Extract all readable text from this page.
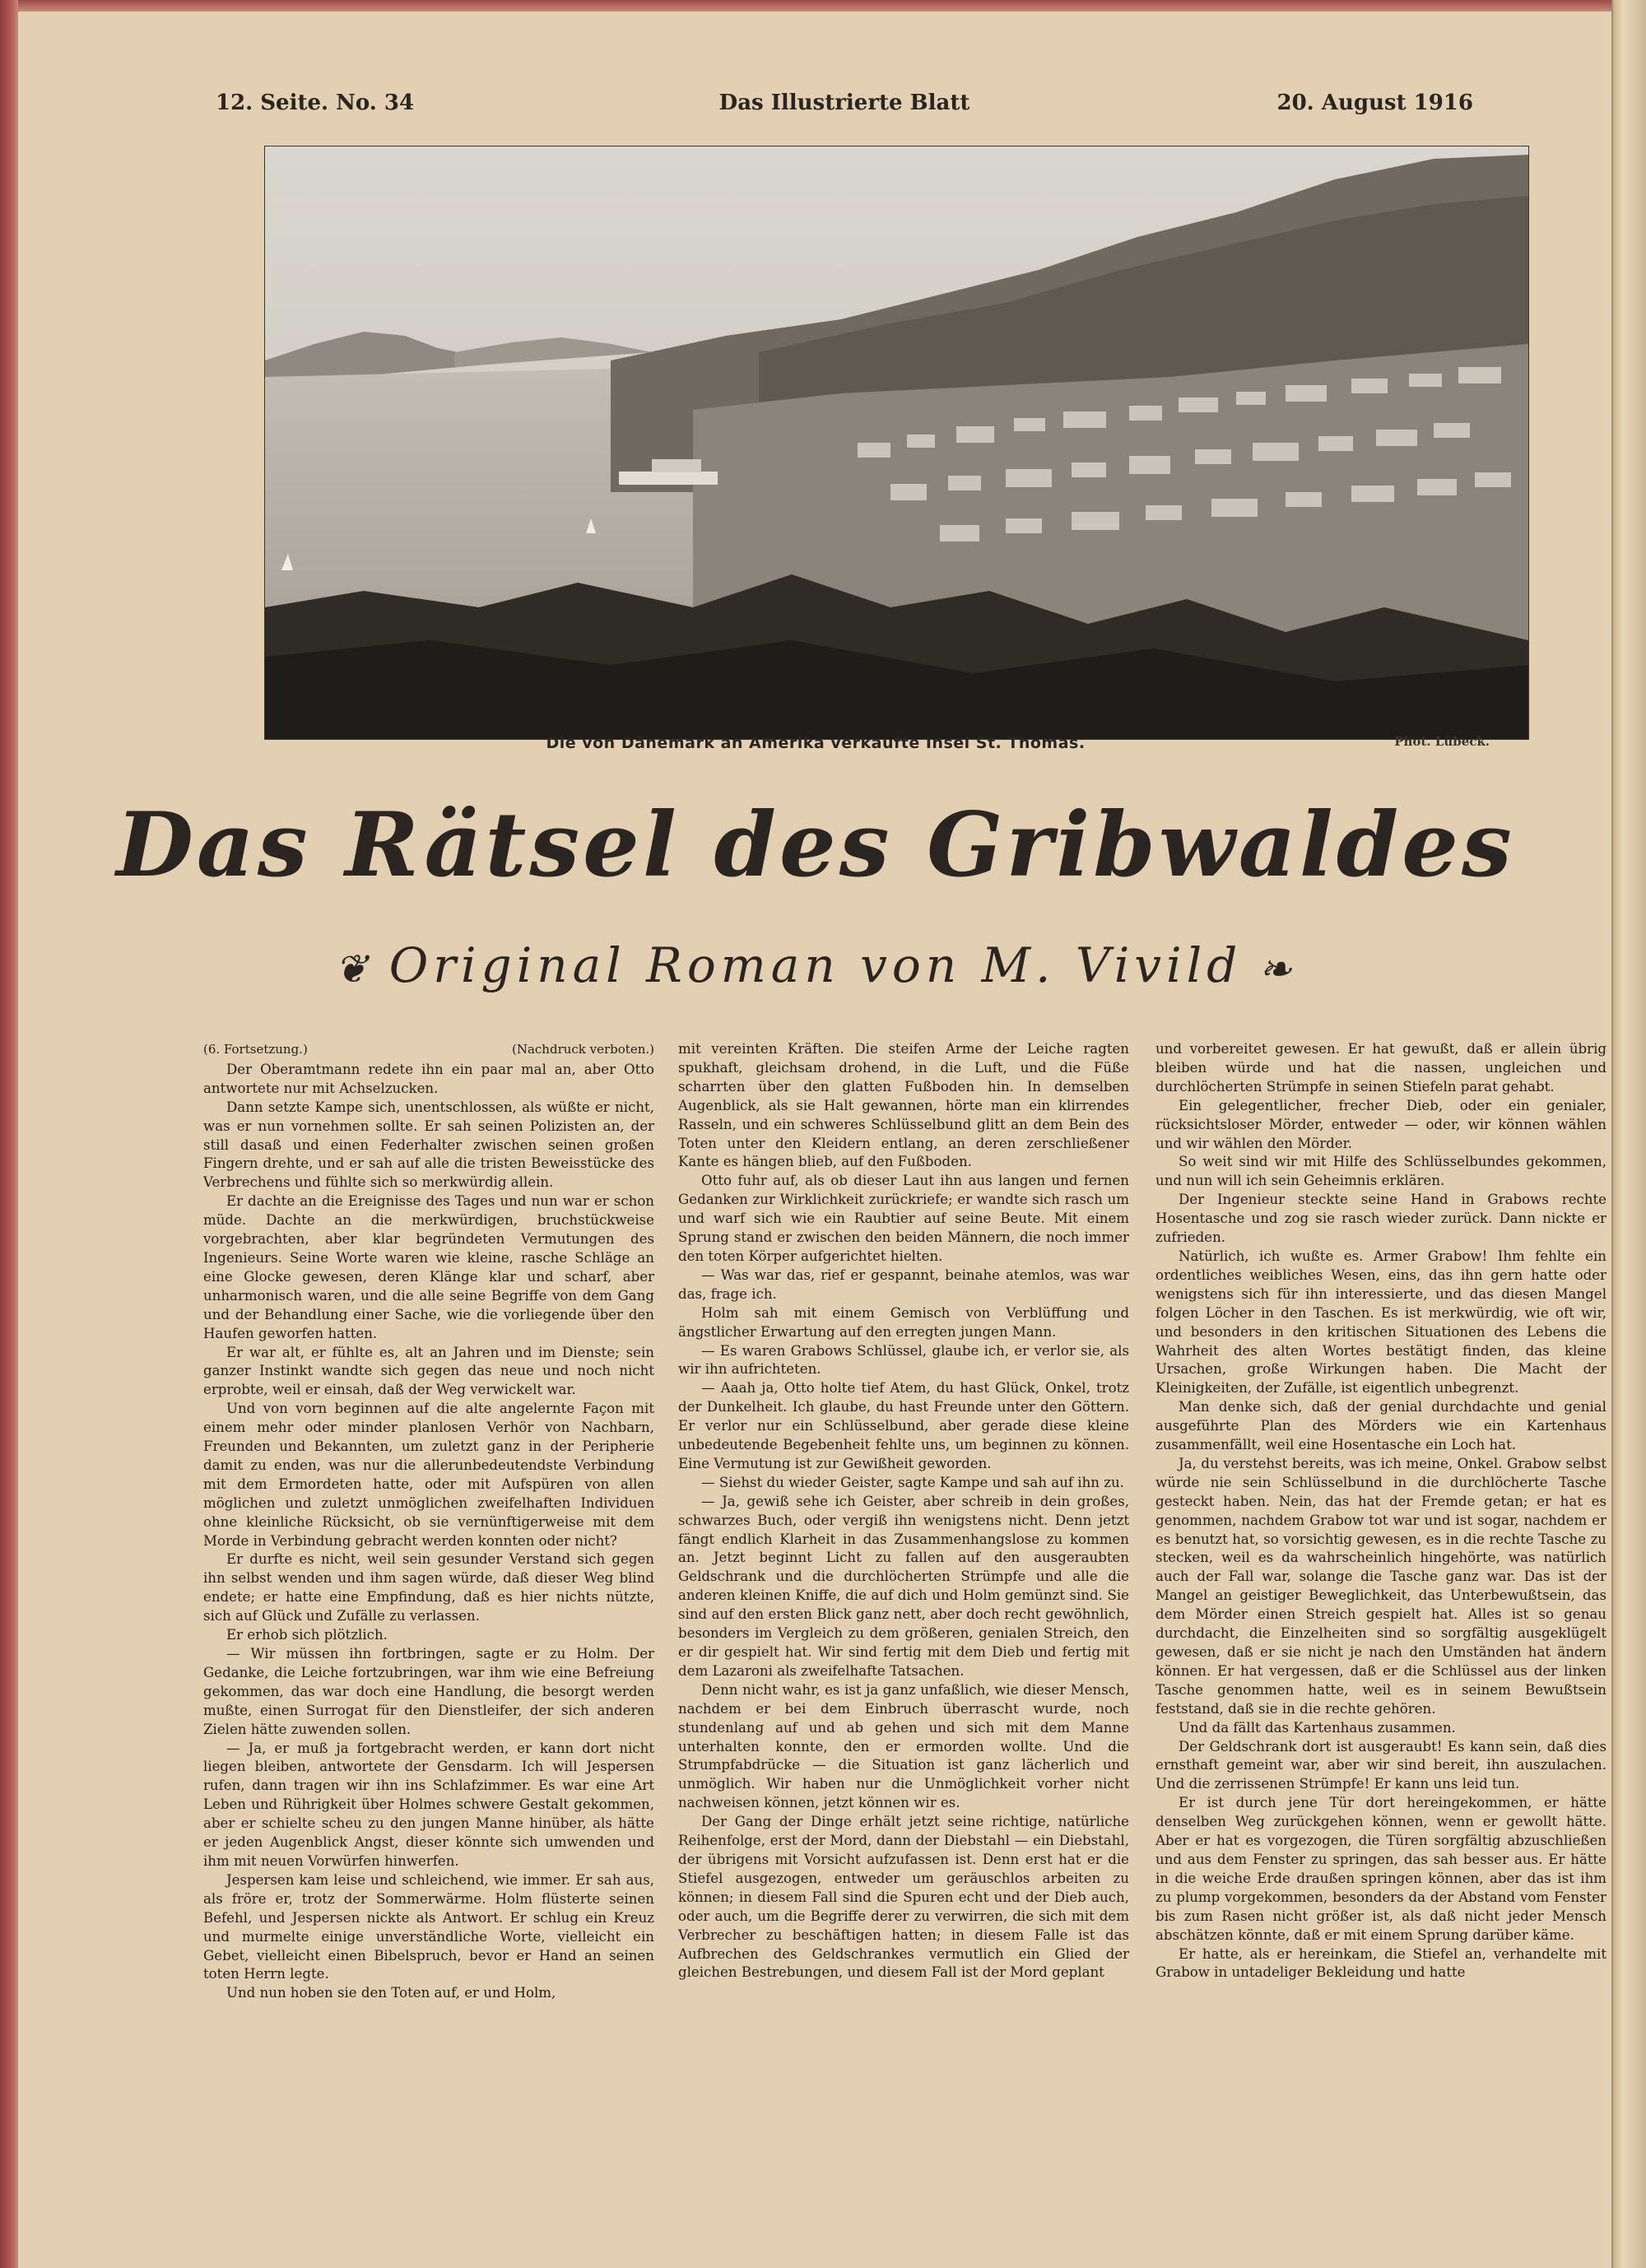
12. Seite. No. 34	Das Illustrierte Blatt	20. August 1916
Die von Dänemark an Amerika verkaufte Insel St. Thomas.	Phot. Lübeck.
Das Rätsel des Gribwaldes
❦ Original Roman von M. Vivild ❧
(6. Fortsetzung.)	(Nachdruck verboten.)

Der Oberamtmann redete ihn ein paar mal an, aber Otto antwortete nur mit Achselzucken.

Dann setzte Kampe sich, unentschlossen, als wüßte er nicht, was er nun vornehmen sollte. Er sah seinen Polizisten an, der still dasaß und einen Federhalter zwischen seinen großen Fingern drehte, und er sah auf alle die tristen Beweisstücke des Verbrechens und fühlte sich so merkwürdig allein.

Er dachte an die Ereignisse des Tages und nun war er schon müde. Dachte an die merkwürdigen, bruchstückweise vorgebrachten, aber klar begründeten Vermutungen des Ingenieurs. Seine Worte waren wie kleine, rasche Schläge an eine Glocke gewesen, deren Klänge klar und scharf, aber unharmonisch waren, und die alle seine Begriffe von dem Gang und der Behandlung einer Sache, wie die vorliegende über den Haufen geworfen hatten.

Er war alt, er fühlte es, alt an Jahren und im Dienste; sein ganzer Instinkt wandte sich gegen das neue und noch nicht erprobte, weil er einsah, daß der Weg verwickelt war.

Und von vorn beginnen auf die alte angelernte Façon mit einem mehr oder minder planlosen Verhör von Nachbarn, Freunden und Bekannten, um zuletzt ganz in der Peripherie damit zu enden, was nur die allerunbedeutendste Verbindung mit dem Ermordeten hatte, oder mit Aufspüren von allen möglichen und zuletzt unmöglichen zweifelhaften Individuen ohne kleinliche Rücksicht, ob sie vernünftigerweise mit dem Morde in Verbindung gebracht werden konnten oder nicht?

Er durfte es nicht, weil sein gesunder Verstand sich gegen ihn selbst wenden und ihm sagen würde, daß dieser Weg blind endete; er hatte eine Empfindung, daß es hier nichts nützte, sich auf Glück und Zufälle zu verlassen.

Er erhob sich plötzlich.

— Wir müssen ihn fortbringen, sagte er zu Holm. Der Gedanke, die Leiche fortzubringen, war ihm wie eine Befreiung gekommen, das war doch eine Handlung, die besorgt werden mußte, einen Surrogat für den Dienstleifer, der sich anderen Zielen hätte zuwenden sollen.

— Ja, er muß ja fortgebracht werden, er kann dort nicht liegen bleiben, antwortete der Gensdarm. Ich will Jespersen rufen, dann tragen wir ihn ins Schlafzimmer. Es war eine Art Leben und Rührigkeit über Holmes schwere Gestalt gekommen, aber er schielte scheu zu den jungen Manne hinüber, als hätte er jeden Augenblick Angst, dieser könnte sich umwenden und ihm mit neuen Vorwürfen hinwerfen.

Jespersen kam leise und schleichend, wie immer. Er sah aus, als fröre er, trotz der Sommerwärme. Holm flüsterte seinen Befehl, und Jespersen nickte als Antwort. Er schlug ein Kreuz und murmelte einige unverständliche Worte, vielleicht ein Gebet, vielleicht einen Bibelspruch, bevor er Hand an seinen toten Herrn legte.

Und nun hoben sie den Toten auf, er und Holm,

mit vereinten Kräften. Die steifen Arme der Leiche ragten spukhaft, gleichsam drohend, in die Luft, und die Füße scharrten über den glatten Fußboden hin. In demselben Augenblick, als sie Halt gewannen, hörte man ein klirrendes Rasseln, und ein schweres Schlüsselbund glitt an dem Bein des Toten unter den Kleidern entlang, an deren zerschließener Kante es hängen blieb, auf den Fußboden.

Otto fuhr auf, als ob dieser Laut ihn aus langen und fernen Gedanken zur Wirklichkeit zurückriefe; er wandte sich rasch um und warf sich wie ein Raubtier auf seine Beute. Mit einem Sprung stand er zwischen den beiden Männern, die noch immer den toten Körper aufgerichtet hielten.

— Was war das, rief er gespannt, beinahe atemlos, was war das, frage ich.

Holm sah mit einem Gemisch von Verblüffung und ängstlicher Erwartung auf den erregten jungen Mann.

— Es waren Grabows Schlüssel, glaube ich, er verlor sie, als wir ihn aufrichteten.

— Aaah ja, Otto holte tief Atem, du hast Glück, Onkel, trotz der Dunkelheit. Ich glaube, du hast Freunde unter den Göttern. Er verlor nur ein Schlüsselbund, aber gerade diese kleine unbedeutende Begebenheit fehlte uns, um beginnen zu können. Eine Vermutung ist zur Gewißheit geworden.

— Siehst du wieder Geister, sagte Kampe und sah auf ihn zu.

— Ja, gewiß sehe ich Geister, aber schreib in dein großes, schwarzes Buch, oder vergiß ihn wenigstens nicht. Denn jetzt fängt endlich Klarheit in das Zusammenhangslose zu kommen an. Jetzt beginnt Licht zu fallen auf den ausgeraubten Geldschrank und die durchlöcherten Strümpfe und alle die anderen kleinen Kniffe, die auf dich und Holm gemünzt sind. Sie sind auf den ersten Blick ganz nett, aber doch recht gewöhnlich, besonders im Vergleich zu dem größeren, genialen Streich, den er dir gespielt hat. Wir sind fertig mit dem Dieb und fertig mit dem Lazaroni als zweifelhafte Tatsachen.

Denn nicht wahr, es ist ja ganz unfaßlich, wie dieser Mensch, nachdem er bei dem Einbruch überrascht wurde, noch stundenlang auf und ab gehen und sich mit dem Manne unterhalten konnte, den er ermorden wollte. Und die Strumpfabdrücke — die Situation ist ganz lächerlich und unmöglich. Wir haben nur die Unmöglichkeit vorher nicht nachweisen können, jetzt können wir es.

Der Gang der Dinge erhält jetzt seine richtige, natürliche Reihenfolge, erst der Mord, dann der Diebstahl — ein Diebstahl, der übrigens mit Vorsicht aufzufassen ist. Denn erst hat er die Stiefel ausgezogen, entweder um geräuschlos arbeiten zu können; in diesem Fall sind die Spuren echt und der Dieb auch, oder auch, um die Begriffe derer zu verwirren, die sich mit dem Verbrecher zu beschäftigen hatten; in diesem Falle ist das Aufbrechen des Geldschrankes vermutlich ein Glied der gleichen Bestrebungen, und diesem Fall ist der Mord geplant

und vorbereitet gewesen. Er hat gewußt, daß er allein übrig bleiben würde und hat die nassen, ungleichen und durchlöcherten Strümpfe in seinen Stiefeln parat gehabt.

Ein gelegentlicher, frecher Dieb, oder ein genialer, rücksichtsloser Mörder, entweder — oder, wir können wählen und wir wählen den Mörder.

So weit sind wir mit Hilfe des Schlüsselbundes gekommen, und nun will ich sein Geheimnis erklären.

Der Ingenieur steckte seine Hand in Grabows rechte Hosentasche und zog sie rasch wieder zurück. Dann nickte er zufrieden.

Natürlich, ich wußte es. Armer Grabow! Ihm fehlte ein ordentliches weibliches Wesen, eins, das ihn gern hatte oder wenigstens sich für ihn interessierte, und das diesen Mangel folgen Löcher in den Taschen. Es ist merkwürdig, wie oft wir, und besonders in den kritischen Situationen des Lebens die Wahrheit des alten Wortes bestätigt finden, das kleine Ursachen, große Wirkungen haben. Die Macht der Kleinigkeiten, der Zufälle, ist eigentlich unbegrenzt.

Man denke sich, daß der genial durchdachte und genial ausgeführte Plan des Mörders wie ein Kartenhaus zusammenfällt, weil eine Hosentasche ein Loch hat.

Ja, du verstehst bereits, was ich meine, Onkel. Grabow selbst würde nie sein Schlüsselbund in die durchlöcherte Tasche gesteckt haben. Nein, das hat der Fremde getan; er hat es genommen, nachdem Grabow tot war und ist sogar, nachdem er es benutzt hat, so vorsichtig gewesen, es in die rechte Tasche zu stecken, weil es da wahrscheinlich hingehörte, was natürlich auch der Fall war, solange die Tasche ganz war. Das ist der Mangel an geistiger Beweglichkeit, das Unterbewußtsein, das dem Mörder einen Streich gespielt hat. Alles ist so genau durchdacht, die Einzelheiten sind so sorgfältig ausgeklügelt gewesen, daß er sie nicht je nach den Umständen hat ändern können. Er hat vergessen, daß er die Schlüssel aus der linken Tasche genommen hatte, weil es in seinem Bewußtsein feststand, daß sie in die rechte gehören.

Und da fällt das Kartenhaus zusammen.

Der Geldschrank dort ist ausgeraubt! Es kann sein, daß dies ernsthaft gemeint war, aber wir sind bereit, ihn auszulachen. Und die zerrissenen Strümpfe! Er kann uns leid tun.

Er ist durch jene Tür dort hereingekommen, er hätte denselben Weg zurückgehen können, wenn er gewollt hätte. Aber er hat es vorgezogen, die Türen sorgfältig abzuschließen und aus dem Fenster zu springen, das sah besser aus. Er hätte in die weiche Erde draußen springen können, aber das ist ihm zu plump vorgekommen, besonders da der Abstand vom Fenster bis zum Rasen nicht größer ist, als daß nicht jeder Mensch abschätzen könnte, daß er mit einem Sprung darüber käme.

Er hatte, als er hereinkam, die Stiefel an, verhandelte mit Grabow in untadeliger Bekleidung und hatte
